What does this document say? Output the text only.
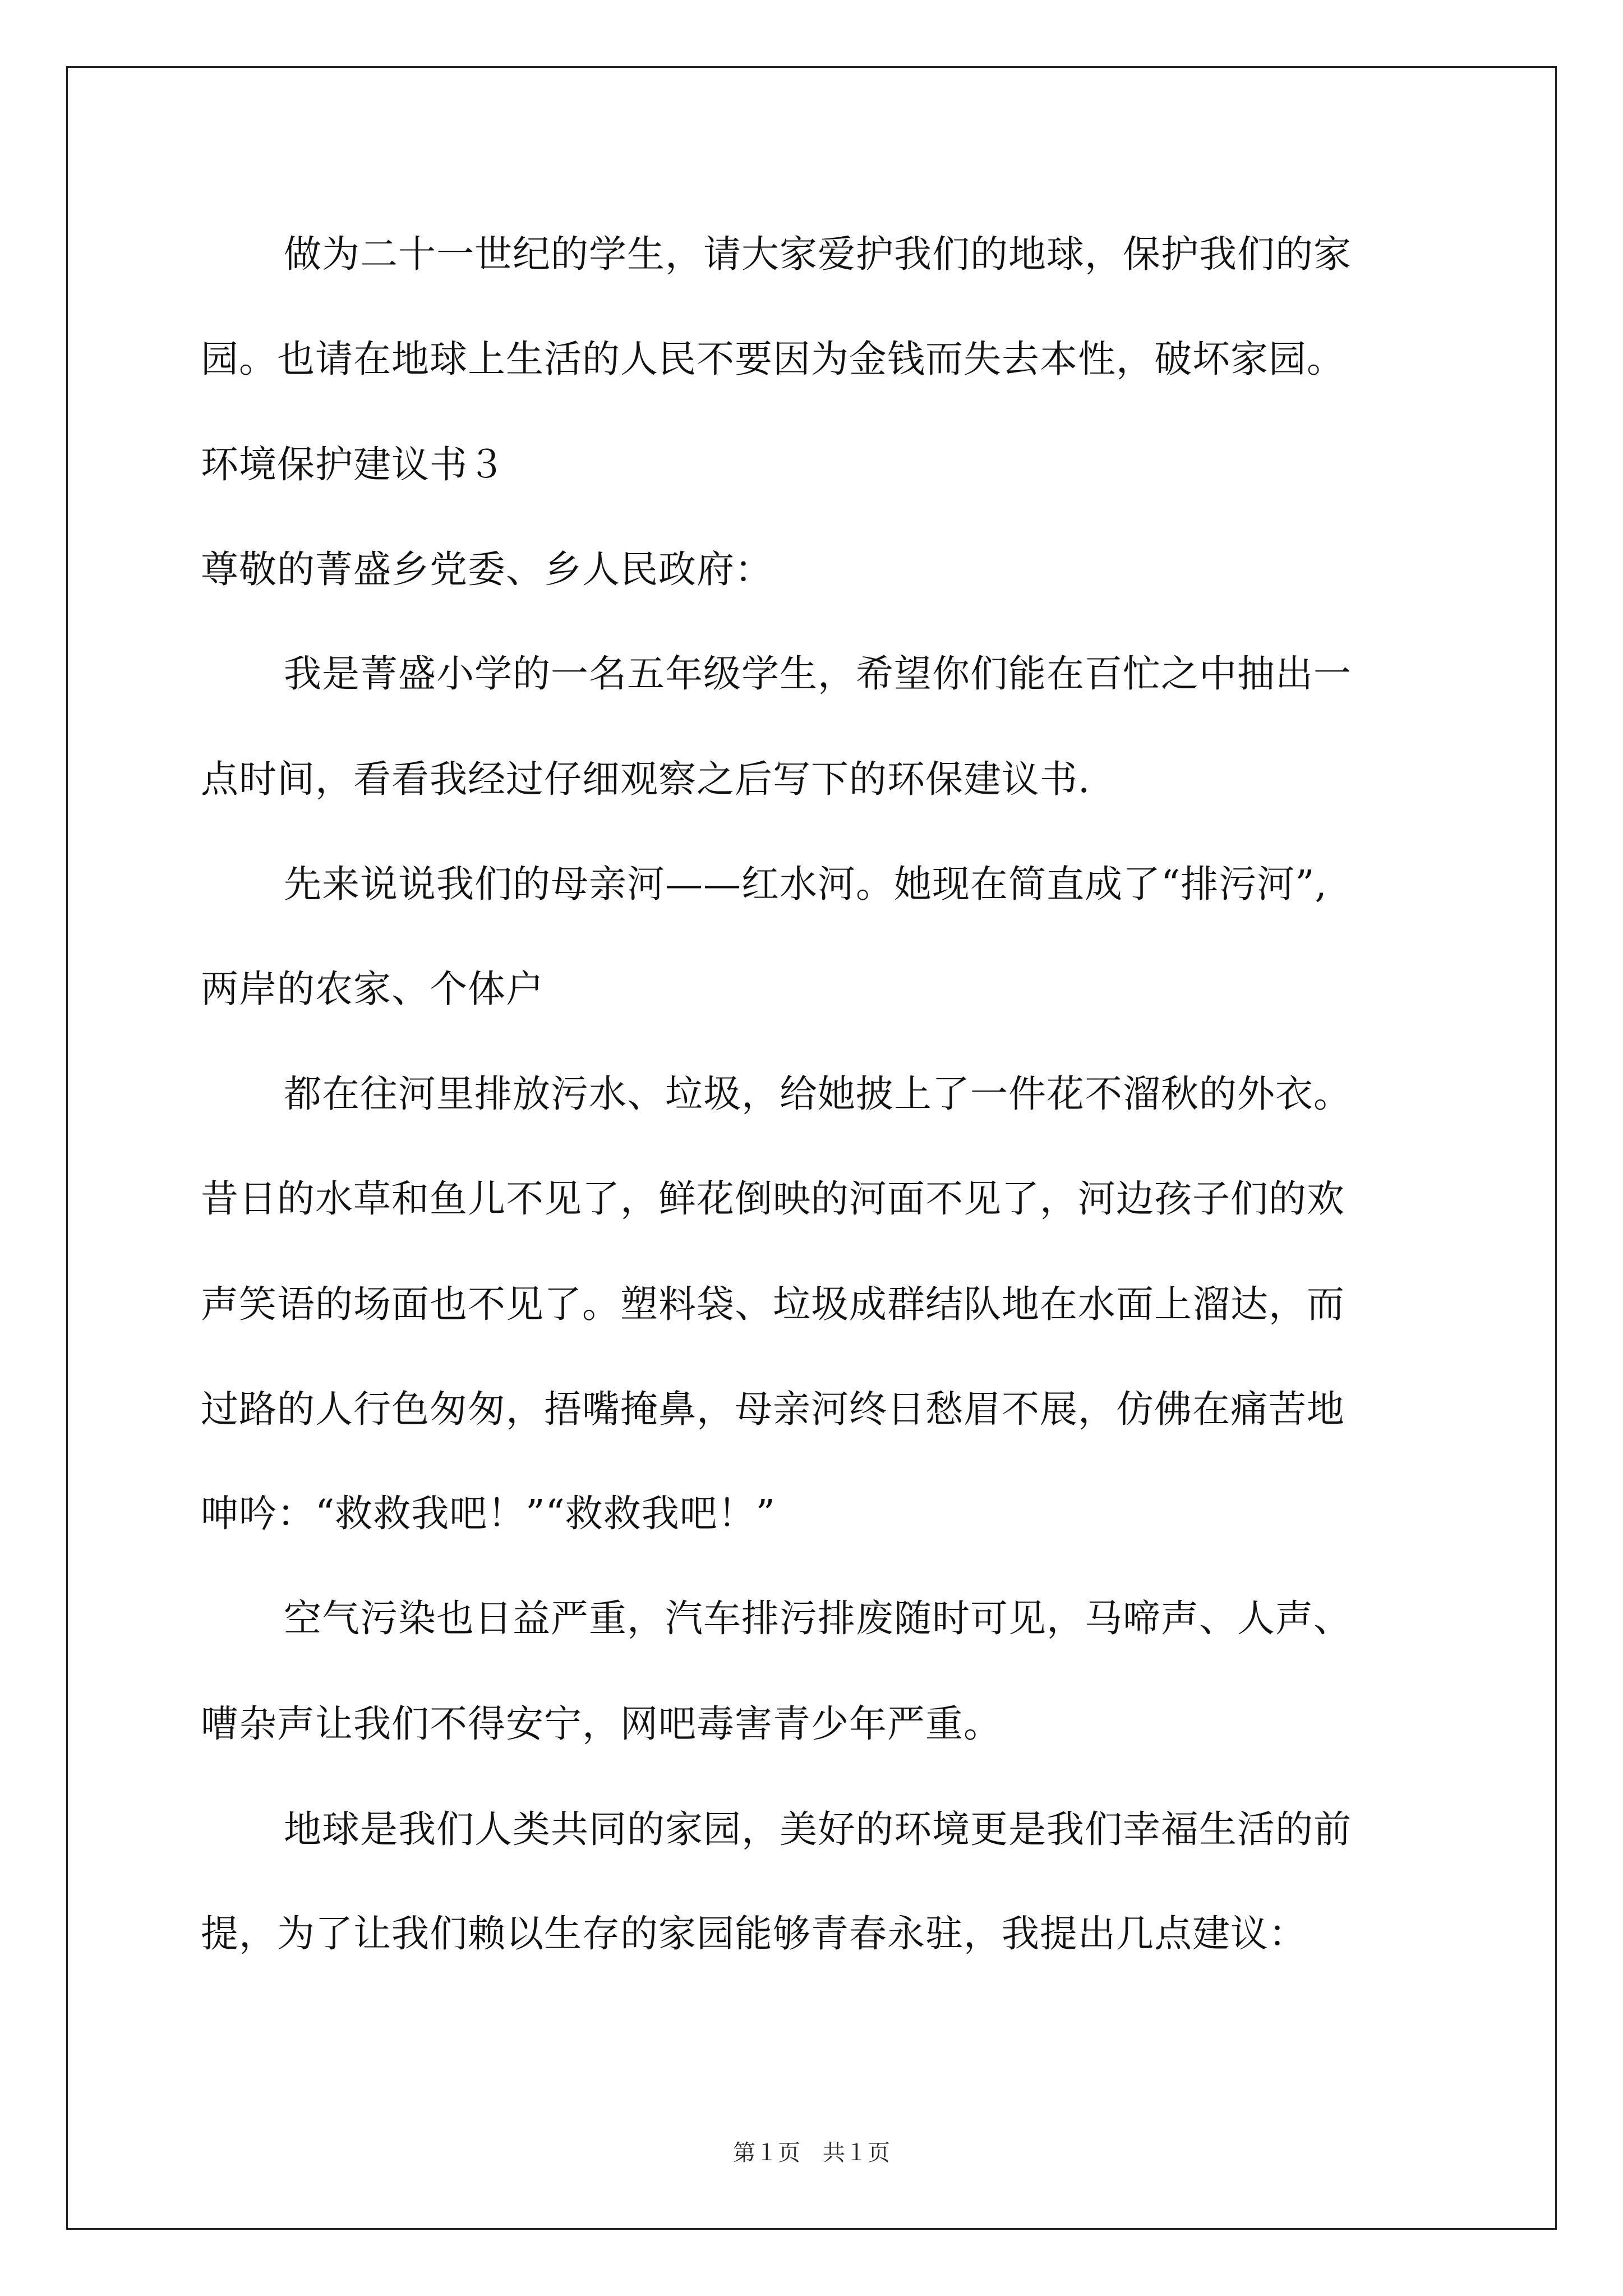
做为二十一世纪的学生，请大家爱护我们的地球，保护我们的家
园。也请在地球上生活的人民不要因为金钱而失去本性，破坏家园。
环境保护建议书３
尊敬的菁盛乡党委、乡人民政府：
我是菁盛小学的一名五年级学生，希望你们能在百忙之中抽出一
点时间，看看我经过仔细观察之后写下的环保建议书.
先来说说我们的母亲河——红水河。她现在简直成了“排污河”,
两岸的农家、个体户
都在往河里排放污水、垃圾，给她披上了一件花不溜秋的外衣。
昔日的水草和鱼儿不见了，鲜花倒映的河面不见了，河边孩子们的欢
声笑语的场面也不见了。塑料袋、垃圾成群结队地在水面上溜达，而
过路的人行色匆匆，捂嘴掩鼻，母亲河终日愁眉不展，仿佛在痛苦地
呻吟：“救救我吧！”“救救我吧！”
空气污染也日益严重，汽车排污排废随时可见，马啼声、人声、
嘈杂声让我们不得安宁，网吧毒害青少年严重。
地球是我们人类共同的家园，美好的环境更是我们幸福生活的前
提，为了让我们赖以生存的家园能够青春永驻，我提出几点建议：
第１页　共１页
